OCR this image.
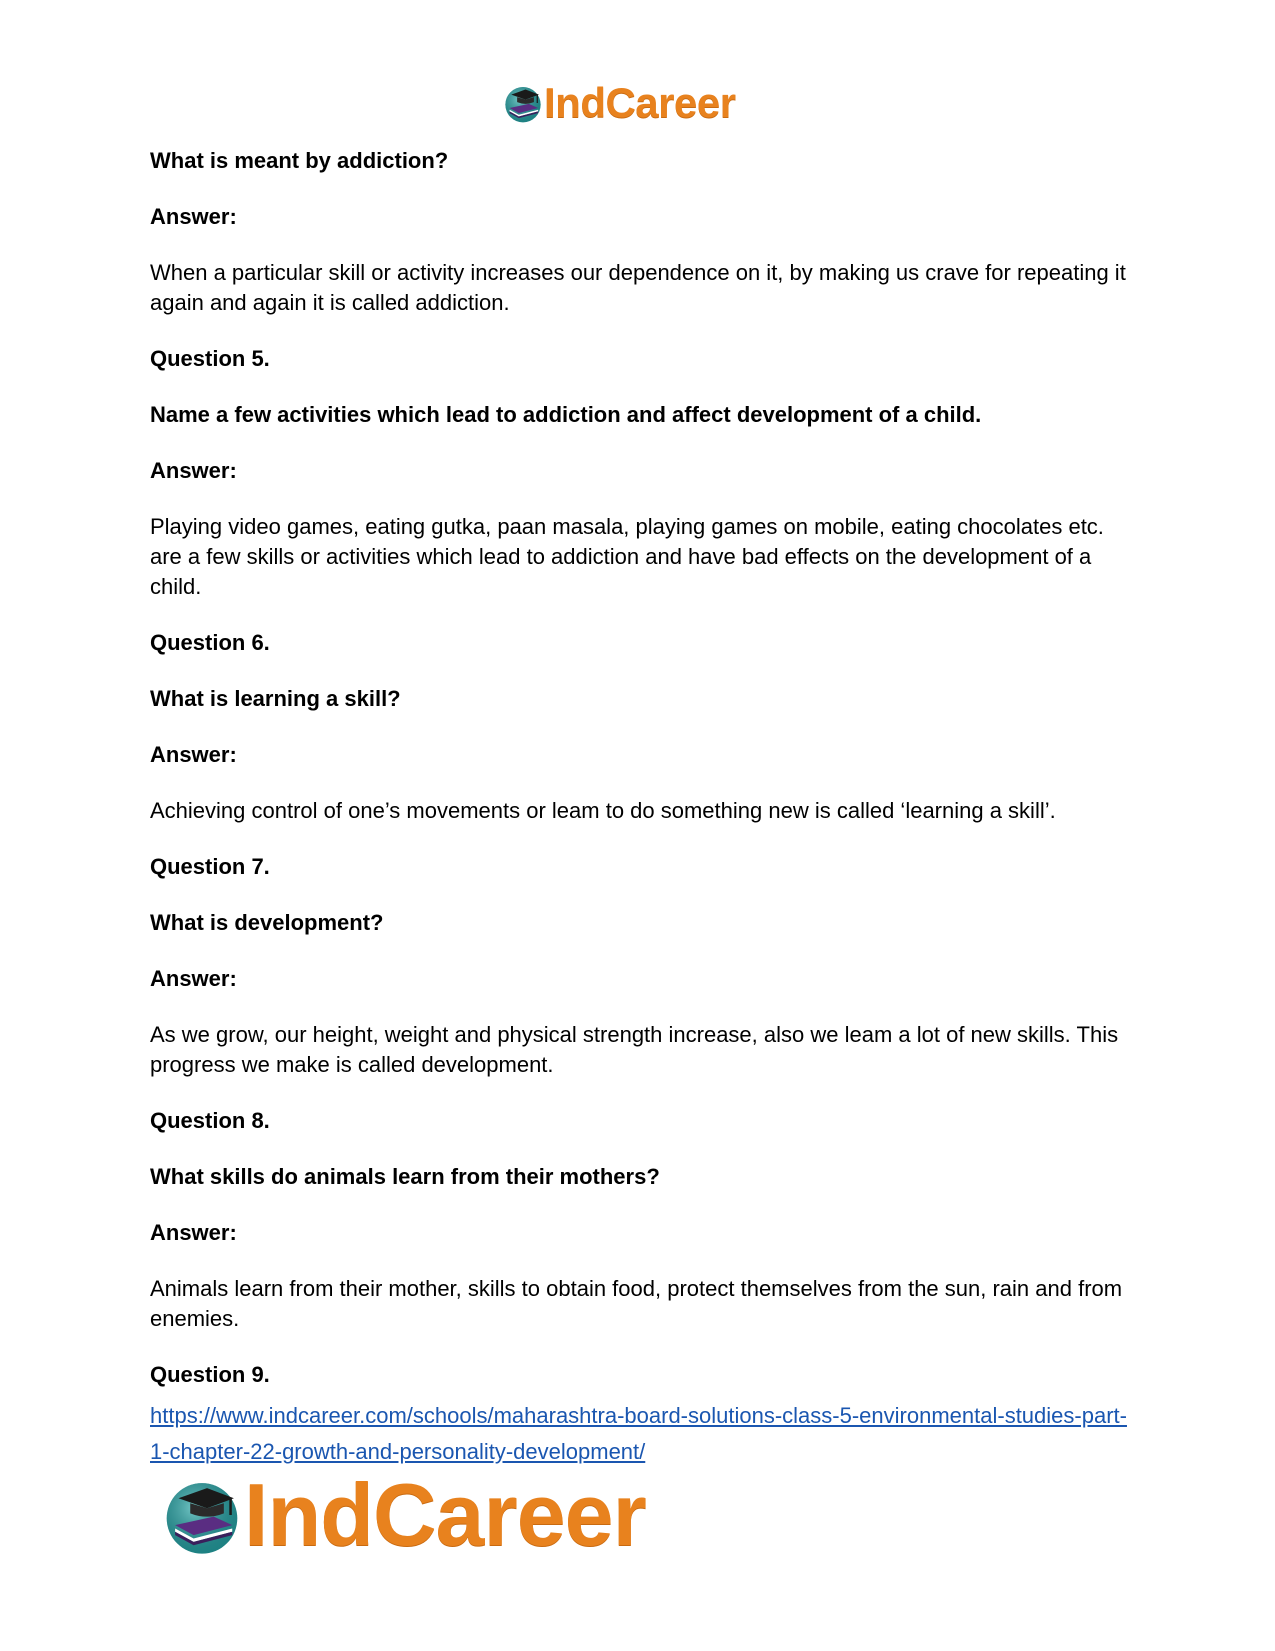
IndCareer

What is meant by addiction?

Answer:

When a particular skill or activity increases our dependence on it, by making us crave for repeating it again and again it is called addiction.

Question 5.

Name a few activities which lead to addiction and affect development of a child.

Answer:

Playing video games, eating gutka, paan masala, playing games on mobile, eating chocolates etc. are a few skills or activities which lead to addiction and have bad effects on the development of a child.

Question 6.

What is learning a skill?

Answer:

Achieving control of one’s movements or leam to do something new is called ‘learning a skill’.

Question 7.

What is development?

Answer:

As we grow, our height, weight and physical strength increase, also we leam a lot of new skills. This progress we make is called development.

Question 8.

What skills do animals learn from their mothers?

Answer:

Animals learn from their mother, skills to obtain food, protect themselves from the sun, rain and from enemies.

Question 9.

https://www.indcareer.com/schools/maharashtra-board-solutions-class-5-environmental-studies-part-1-chapter-22-growth-and-personality-development/
IndCareer
